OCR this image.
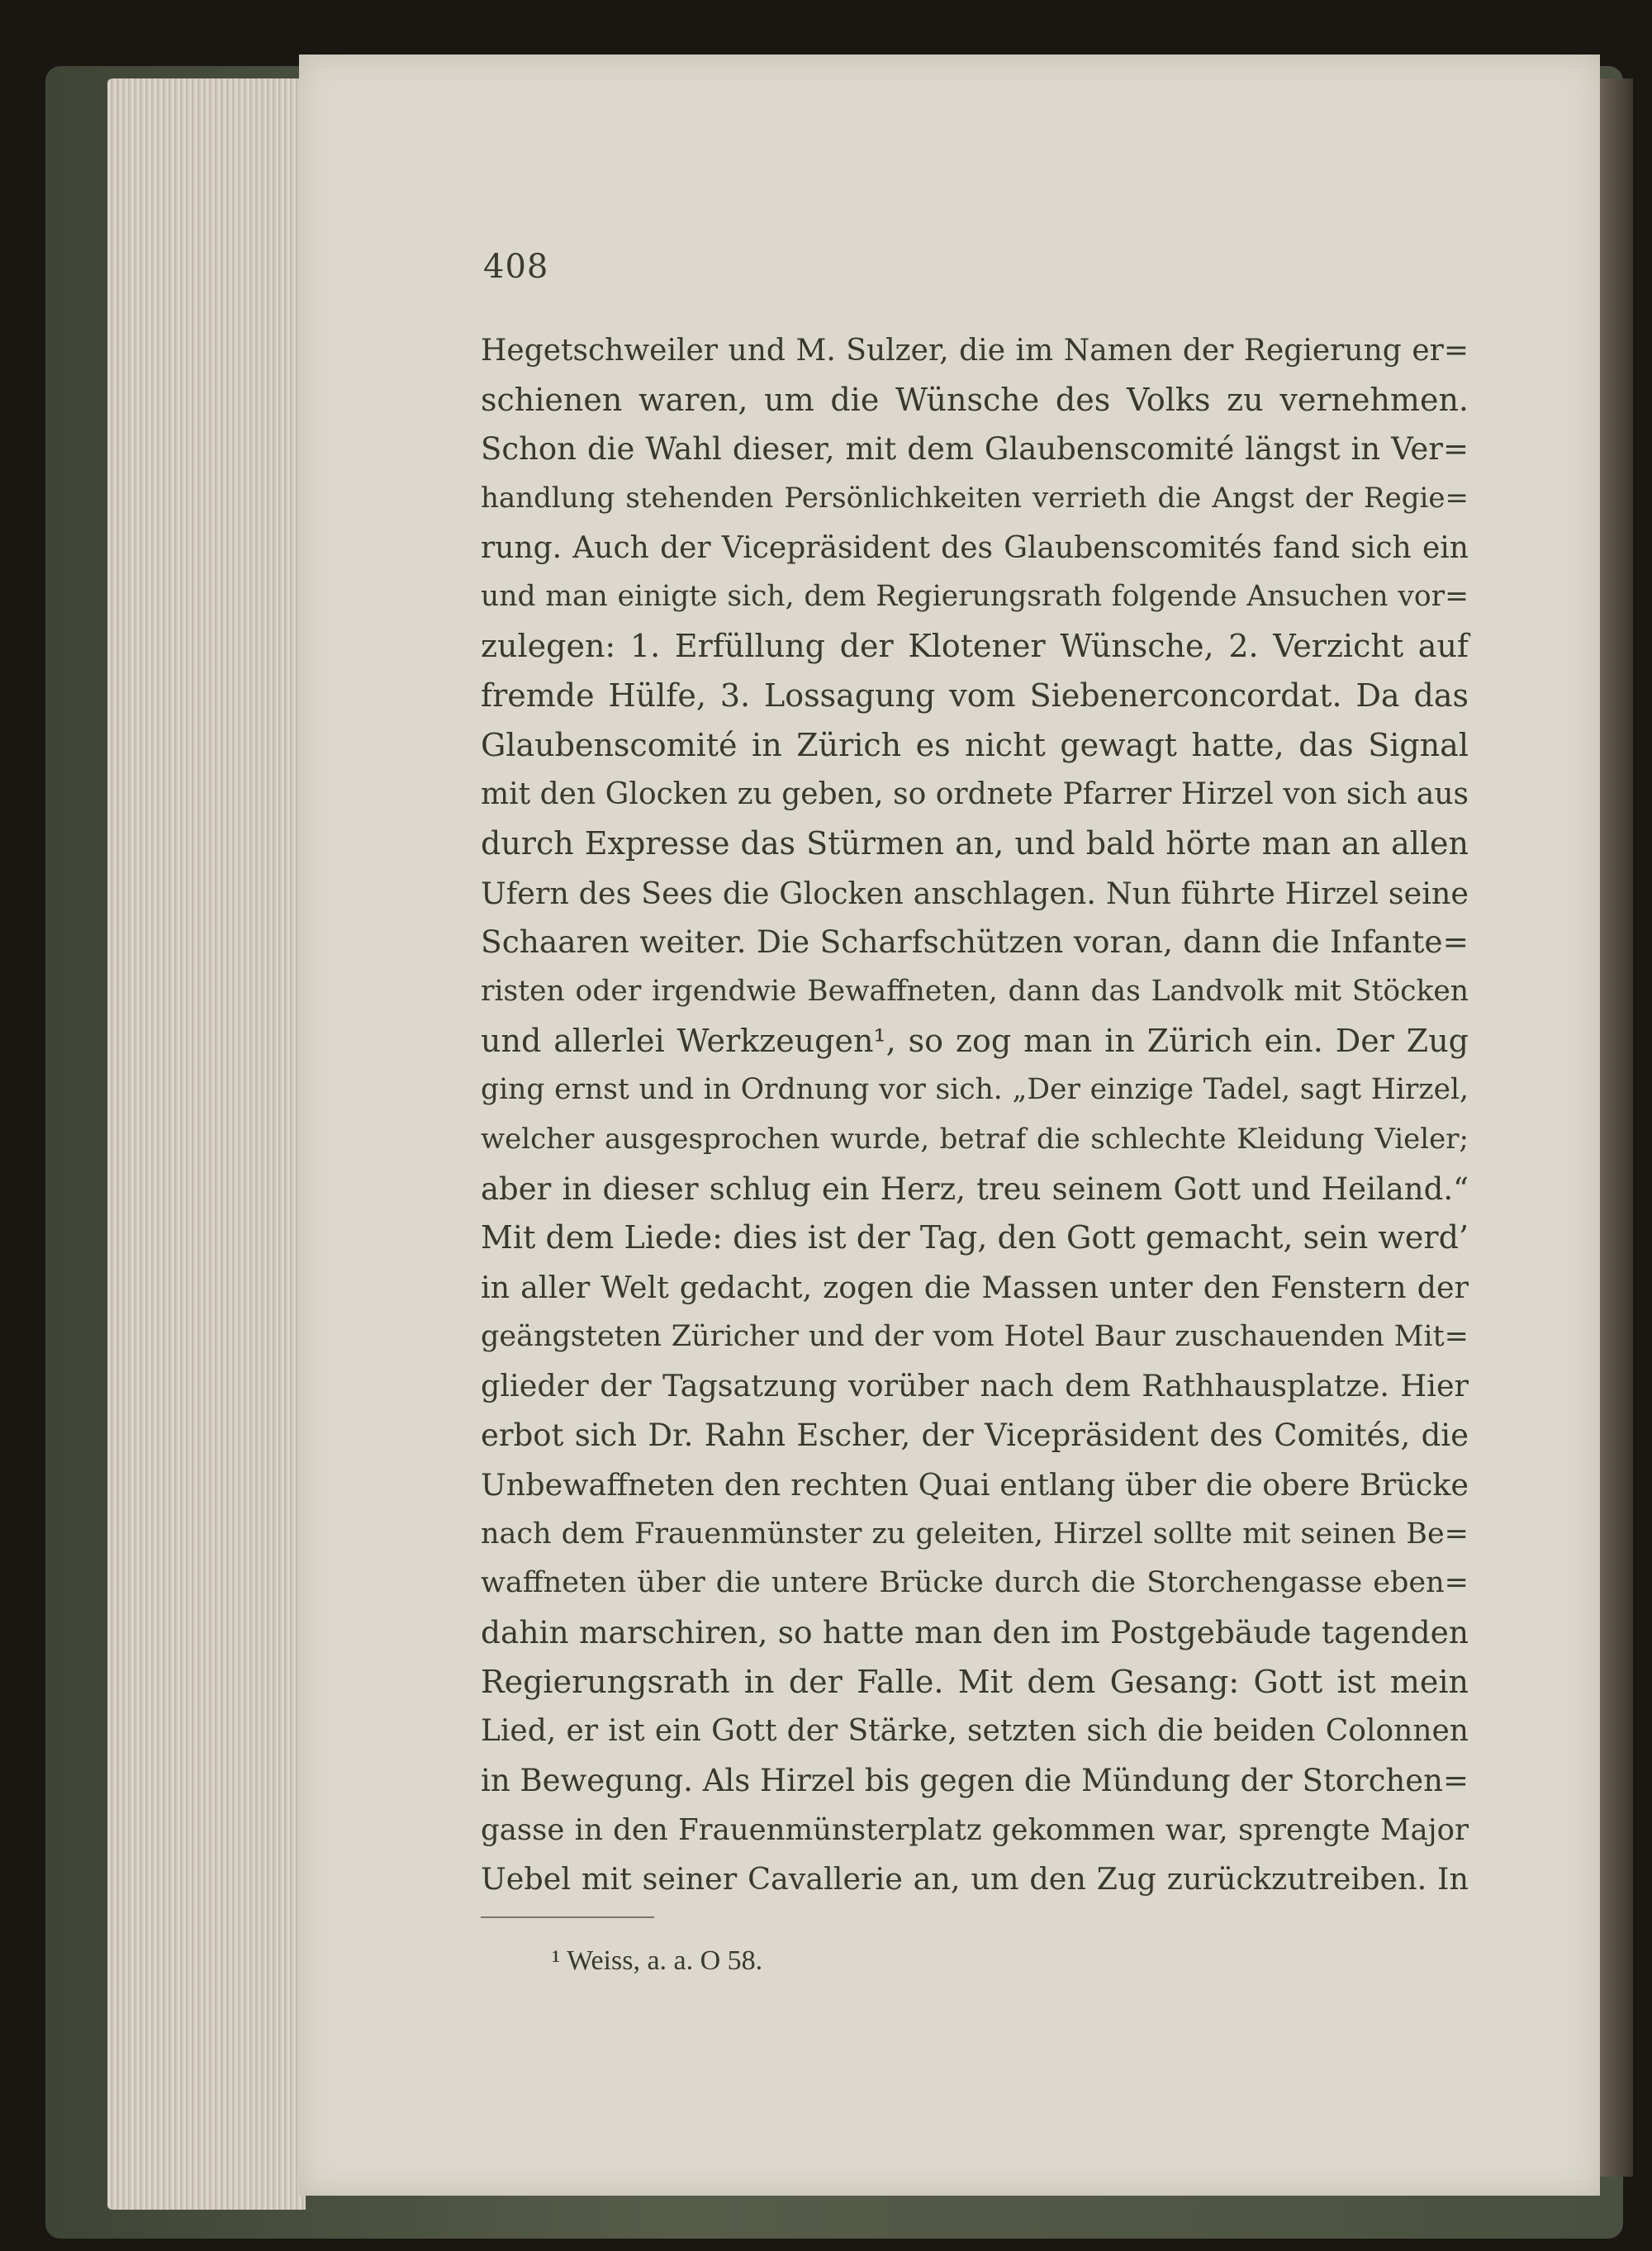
408
Hegetschweiler und M. Sulzer, die im Namen der Regierung er=
schienen waren, um die Wünsche des Volks zu vernehmen.
Schon die Wahl dieser, mit dem Glaubenscomité längst in Ver=
handlung stehenden Persönlichkeiten verrieth die Angst der Regie=
rung. Auch der Vicepräsident des Glaubenscomités fand sich ein
und man einigte sich, dem Regierungsrath folgende Ansuchen vor=
zulegen: 1. Erfüllung der Klotener Wünsche, 2. Verzicht auf
fremde Hülfe, 3. Lossagung vom Siebenerconcordat. Da das
Glaubenscomité in Zürich es nicht gewagt hatte, das Signal
mit den Glocken zu geben, so ordnete Pfarrer Hirzel von sich aus
durch Expresse das Stürmen an, und bald hörte man an allen
Ufern des Sees die Glocken anschlagen. Nun führte Hirzel seine
Schaaren weiter. Die Scharfschützen voran, dann die Infante=
risten oder irgendwie Bewaffneten, dann das Landvolk mit Stöcken
und allerlei Werkzeugen¹, so zog man in Zürich ein. Der Zug
ging ernst und in Ordnung vor sich. „Der einzige Tadel, sagt Hirzel,
welcher ausgesprochen wurde, betraf die schlechte Kleidung Vieler;
aber in dieser schlug ein Herz, treu seinem Gott und Heiland.“
Mit dem Liede: dies ist der Tag, den Gott gemacht, sein werd’
in aller Welt gedacht, zogen die Massen unter den Fenstern der
geängsteten Züricher und der vom Hotel Baur zuschauenden Mit=
glieder der Tagsatzung vorüber nach dem Rathhausplatze. Hier
erbot sich Dr. Rahn Escher, der Vicepräsident des Comités, die
Unbewaffneten den rechten Quai entlang über die obere Brücke
nach dem Frauenmünster zu geleiten, Hirzel sollte mit seinen Be=
waffneten über die untere Brücke durch die Storchengasse eben=
dahin marschiren, so hatte man den im Postgebäude tagenden
Regierungsrath in der Falle. Mit dem Gesang: Gott ist mein
Lied, er ist ein Gott der Stärke, setzten sich die beiden Colonnen
in Bewegung. Als Hirzel bis gegen die Mündung der Storchen=
gasse in den Frauenmünsterplatz gekommen war, sprengte Major
Uebel mit seiner Cavallerie an, um den Zug zurückzutreiben. In
¹ Weiss, a. a. O 58.
